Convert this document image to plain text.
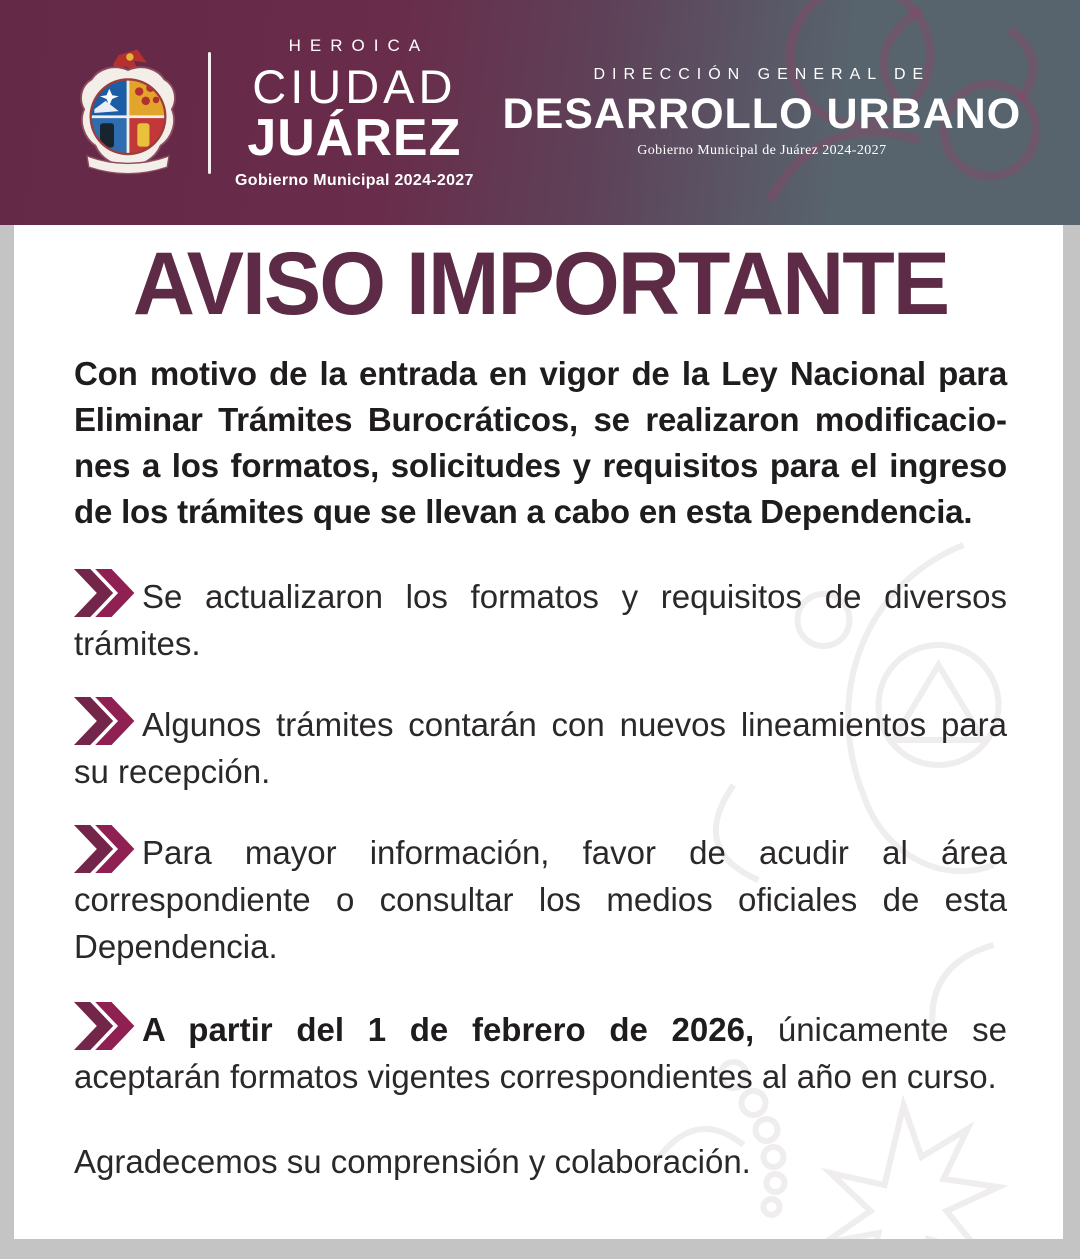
HEROICA
CIUDAD
JUÁREZ
Gobierno Municipal 2024-2027
DIRECCIÓN GENERAL DE
DESARROLLO URBANO
Gobierno Municipal de Juárez 2024-2027
AVISO IMPORTANTE

Con motivo de la entrada en vigor de la Ley Nacional para Eliminar Trámites Burocráticos, se realizaron modificaciones a los formatos, solicitudes y requisitos para el ingreso de los trámites que se llevan a cabo en esta Dependencia.

Se actualizaron los formatos y requisitos de diversos trámites.

Algunos trámites contarán con nuevos lineamientos para su recepción.

Para mayor información, favor de acudir al área correspondiente o consultar los medios oficiales de esta Dependencia.

A partir del 1 de febrero de 2026, únicamente se aceptarán formatos vigentes correspondientes al año en curso.

Agradecemos su comprensión y colaboración.
